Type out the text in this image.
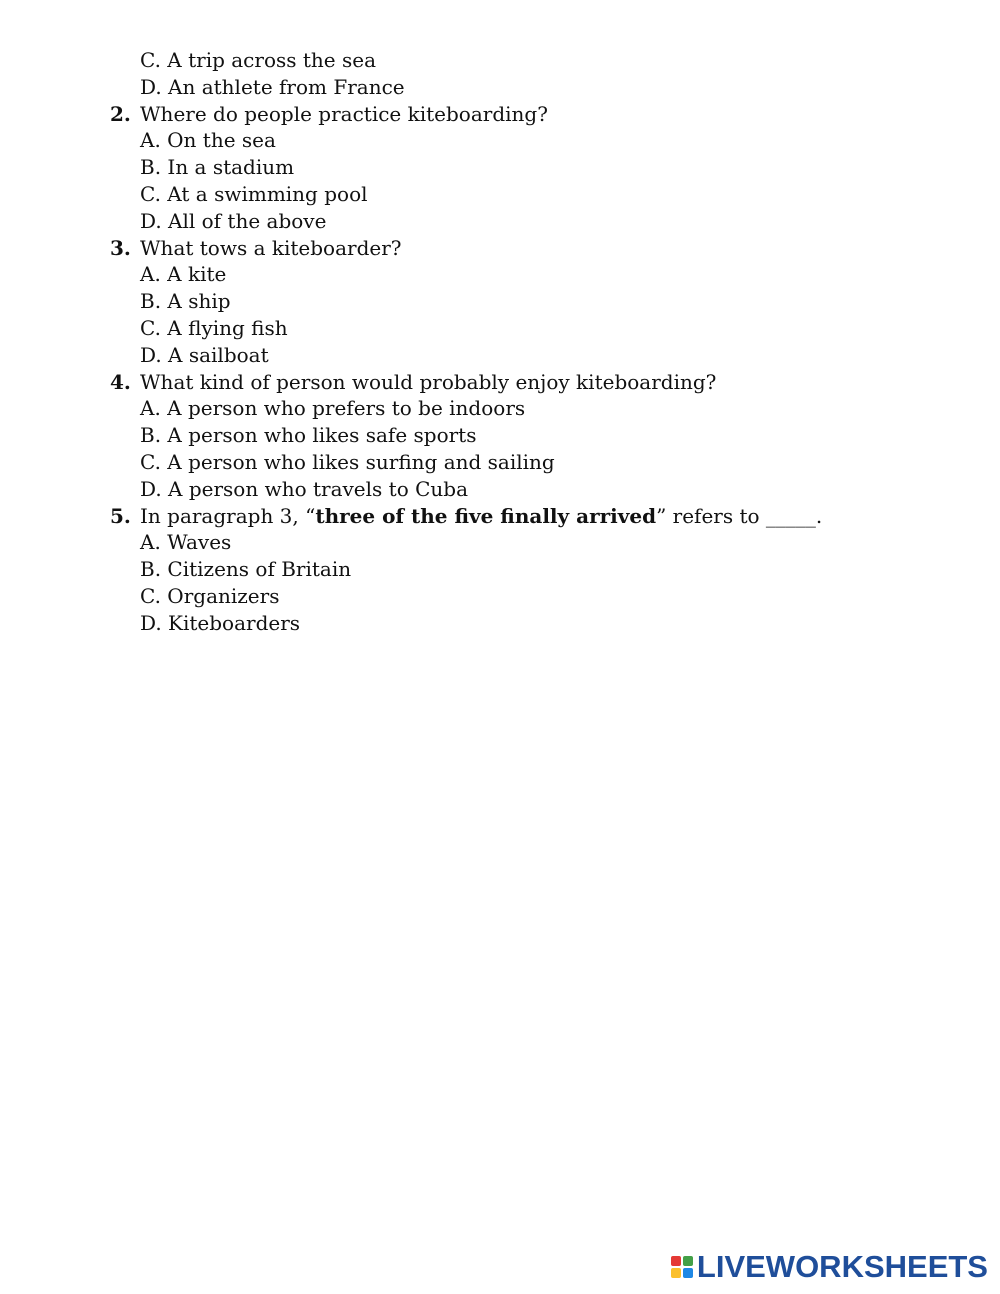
C. A trip across the sea
D. An athlete from France
2. Where do people practice kiteboarding?
A. On the sea
B. In a stadium
C. At a swimming pool
D. All of the above
3. What tows a kiteboarder?
A. A kite
B. A ship
C. A flying fish
D. A sailboat
4. What kind of person would probably enjoy kiteboarding?
A. A person who prefers to be indoors
B. A person who likes safe sports
C. A person who likes surfing and sailing
D. A person who travels to Cuba
5. In paragraph 3, “three of the five finally arrived” refers to _____.
A. Waves
B. Citizens of Britain
C. Organizers
D. Kiteboarders
LIVEWORKSHEETS
